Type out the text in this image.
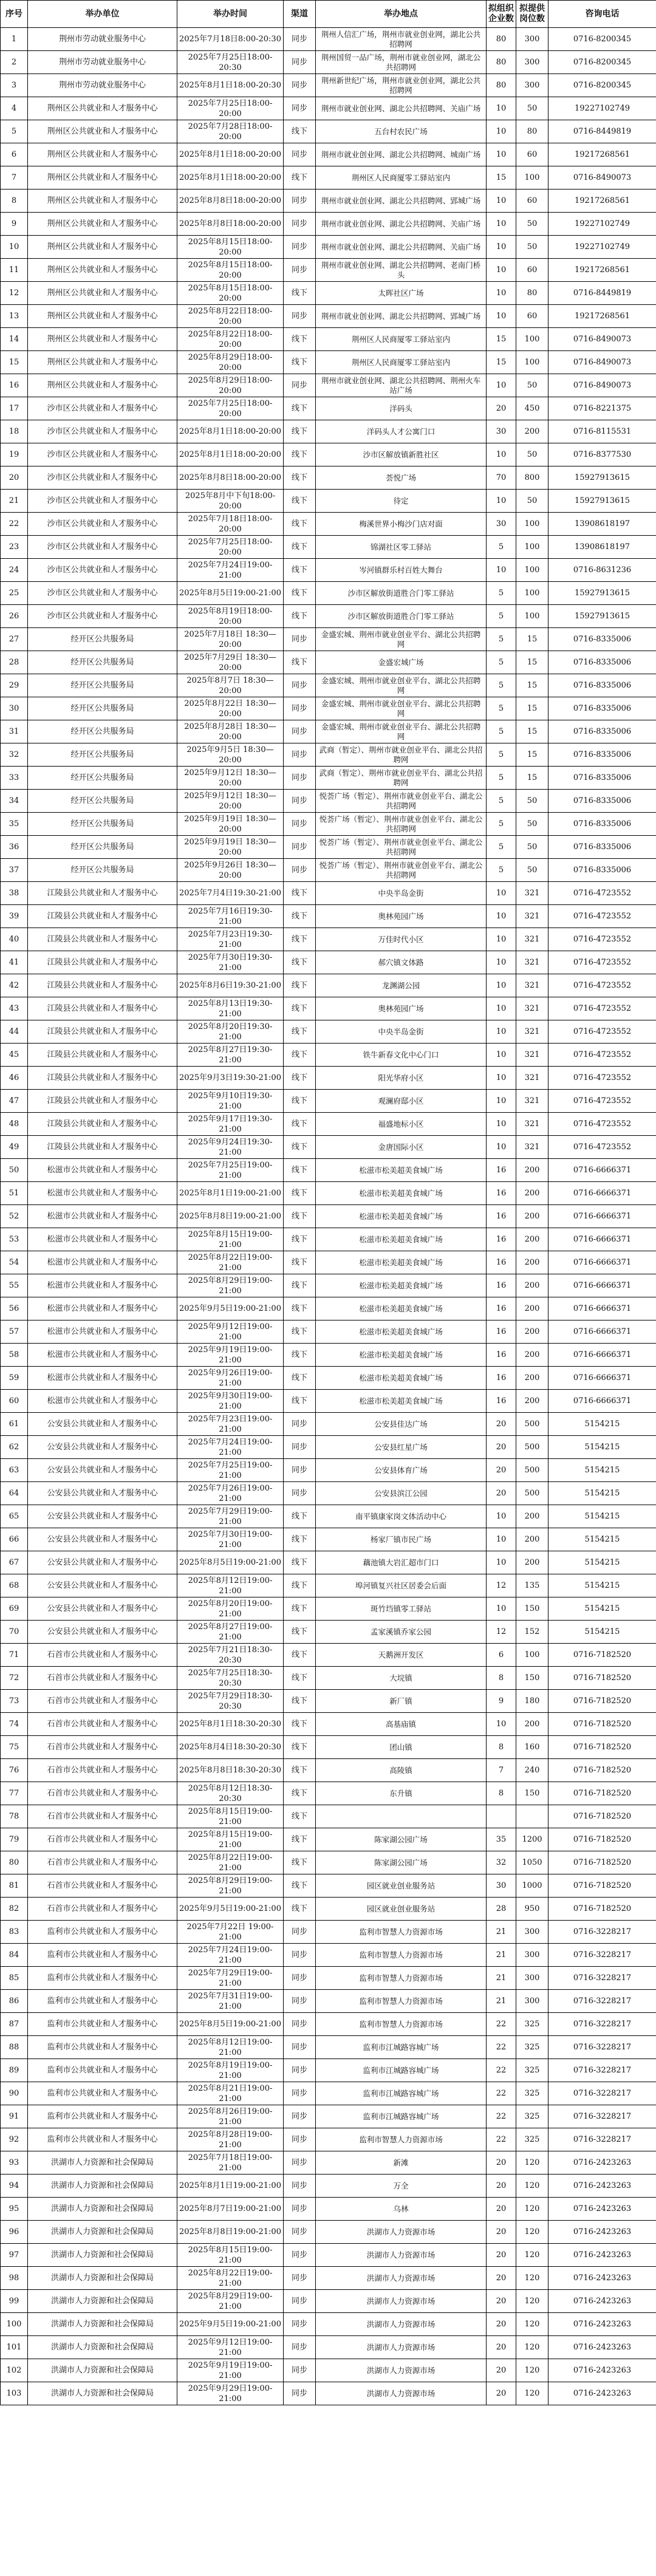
序号	举办单位	举办时间	渠道	举办地点	拟组织企业数	拟提供岗位数	咨询电话
1	荆州市劳动就业服务中心	2025年7月18日8:00-20:30	同步	荆州人信汇广场，荆州市就业创业网，湖北公共招聘网	80	300	0716-8200345
2	荆州市劳动就业服务中心	2025年7月25日18:00-20:30	同步	荆州国贸一品广场，荆州市就业创业网，湖北公共招聘网	80	300	0716-8200345
3	荆州市劳动就业服务中心	2025年8月1日18:00-20:30	同步	荆州新世纪广场，荆州市就业创业网，湖北公共招聘网	80	300	0716-8200345
4	荆州区公共就业和人才服务中心	2025年7月25日18:00-20:00	同步	荆州市就业创业网、湖北公共招聘网、关庙广场	10	50	19227102749
5	荆州区公共就业和人才服务中心	2025年7月28日18:00-20:00	线下	五台村农民广场	10	80	0716-8449819
6	荆州区公共就业和人才服务中心	2025年8月1日18:00-20:00	同步	荆州市就业创业网、湖北公共招聘网、城南广场	10	60	19217268561
7	荆州区公共就业和人才服务中心	2025年8月1日18:00-20:00	线下	荆州区人民商厦零工驿站室内	15	100	0716-8490073
8	荆州区公共就业和人才服务中心	2025年8月8日18:00-20:00	同步	荆州市就业创业网、湖北公共招聘网、郢城广场	10	60	19217268561
9	荆州区公共就业和人才服务中心	2025年8月8日18:00-20:00	同步	荆州市就业创业网、湖北公共招聘网、关庙广场	10	50	19227102749
10	荆州区公共就业和人才服务中心	2025年8月15日18:00-20:00	同步	荆州市就业创业网、湖北公共招聘网、关庙广场	10	50	19227102749
11	荆州区公共就业和人才服务中心	2025年8月15日18:00-20:00	同步	荆州市就业创业网、湖北公共招聘网、老南门桥头	10	60	19217268561
12	荆州区公共就业和人才服务中心	2025年8月15日18:00-20:00	线下	太晖社区广场	10	80	0716-8449819
13	荆州区公共就业和人才服务中心	2025年8月22日18:00-20:00	同步	荆州市就业创业网、湖北公共招聘网、郢城广场	10	60	19217268561
14	荆州区公共就业和人才服务中心	2025年8月22日18:00-20:00	线下	荆州区人民商厦零工驿站室内	15	100	0716-8490073
15	荆州区公共就业和人才服务中心	2025年8月29日18:00-20:00	线下	荆州区人民商厦零工驿站室内	15	100	0716-8490073
16	荆州区公共就业和人才服务中心	2025年8月29日18:00-20:00	同步	荆州市就业创业网、湖北公共招聘网、荆州火车站广场	10	50	0716-8490073
17	沙市区公共就业和人才服务中心	2025年7月25日18:00-20:00	线下	洋码头	20	450	0716-8221375
18	沙市区公共就业和人才服务中心	2025年8月1日18:00-20:00	线下	洋码头人才公寓门口	30	200	0716-8115531
19	沙市区公共就业和人才服务中心	2025年8月1日18:00-20:00	线下	沙市区解放镇新胜社区	10	50	0716-8377530
20	沙市区公共就业和人才服务中心	2025年8月8日18:00-20:00	线下	荟悦广场	70	800	15927913615
21	沙市区公共就业和人才服务中心	2025年8月中下旬18:00-20:00	线下	待定	10	50	15927913615
22	沙市区公共就业和人才服务中心	2025年7月18日18:00-20:00	线下	梅溪世界小梅沙门店对面	30	100	13908618197
23	沙市区公共就业和人才服务中心	2025年7月25日18:00-20:00	线下	锦湖社区零工驿站	5	100	13908618197
24	沙市区公共就业和人才服务中心	2025年7月24日19:00-21:00	线下	岑河镇群乐村百姓大舞台	10	100	0716-8631236
25	沙市区公共就业和人才服务中心	2025年8月5日19:00-21:00	线下	沙市区解放街道胜合门零工驿站	5	100	15927913615
26	沙市区公共就业和人才服务中心	2025年8月19日18:00-20:00	线下	沙市区解放街道胜合门零工驿站	5	100	15927913615
27	经开区公共服务局	2025年7月18日 18:30—20:00	同步	金盛宏城、荆州市就业创业平台、湖北公共招聘网	5	15	0716-8335006
28	经开区公共服务局	2025年7月29日 18:30—20:00	线下	金盛宏城广场	5	15	0716-8335006
29	经开区公共服务局	2025年8月7日 18:30—20:00	同步	金盛宏城、荆州市就业创业平台、湖北公共招聘网	5	15	0716-8335006
30	经开区公共服务局	2025年8月22日 18:30—20:00	同步	金盛宏城、荆州市就业创业平台、湖北公共招聘网	5	15	0716-8335006
31	经开区公共服务局	2025年8月28日 18:30—20:00	同步	金盛宏城、荆州市就业创业平台、湖北公共招聘网	5	15	0716-8335006
32	经开区公共服务局	2025年9月5日 18:30—20:00	同步	武商（暂定）、荆州市就业创业平台、湖北公共招聘网	5	15	0716-8335006
33	经开区公共服务局	2025年9月12日 18:30—20:00	同步	武商（暂定）、荆州市就业创业平台、湖北公共招聘网	5	15	0716-8335006
34	经开区公共服务局	2025年9月12日 18:30—20:00	同步	悦荟广场（暂定）、荆州市就业创业平台、湖北公共招聘网	5	50	0716-8335006
35	经开区公共服务局	2025年9月19日 18:30—20:00	同步	悦荟广场（暂定）、荆州市就业创业平台、湖北公共招聘网	5	50	0716-8335006
36	经开区公共服务局	2025年9月19日 18:30—20:00	同步	悦荟广场（暂定）、荆州市就业创业平台、湖北公共招聘网	5	50	0716-8335006
37	经开区公共服务局	2025年9月26日 18:30—20:00	同步	悦荟广场（暂定）、荆州市就业创业平台、湖北公共招聘网	5	50	0716-8335006
38	江陵县公共就业和人才服务中心	2025年7月4日19:30-21:00	线下	中央半岛金街	10	321	0716-4723552
39	江陵县公共就业和人才服务中心	2025年7月16日19:30-21:00	线下	奥林苑园广场	10	321	0716-4723552
40	江陵县公共就业和人才服务中心	2025年7月23日19:30-21:00	线下	万佳时代小区	10	321	0716-4723552
41	江陵县公共就业和人才服务中心	2025年7月30日19:30-21:00	线下	郝穴镇文体路	10	321	0716-4723552
42	江陵县公共就业和人才服务中心	2025年8月6日19:30-21:00	线下	龙渊湖公园	10	321	0716-4723552
43	江陵县公共就业和人才服务中心	2025年8月13日19:30-21:00	线下	奥林苑园广场	10	321	0716-4723552
44	江陵县公共就业和人才服务中心	2025年8月20日19:30-21:00	线下	中央半岛金街	10	321	0716-4723552
45	江陵县公共就业和人才服务中心	2025年8月27日19:30-21:00	线下	铁牛新春文化中心门口	10	321	0716-4723552
46	江陵县公共就业和人才服务中心	2025年9月3日19:30-21:00	线下	阳光华府小区	10	321	0716-4723552
47	江陵县公共就业和人才服务中心	2025年9月10日19:30-21:00	线下	观澜府邸小区	10	321	0716-4723552
48	江陵县公共就业和人才服务中心	2025年9月17日19:30-21:00	线下	福盛地标小区	10	321	0716-4723552
49	江陵县公共就业和人才服务中心	2025年9月24日19:30-21:00	线下	金唐国际小区	10	321	0716-4723552
50	松滋市公共就业和人才服务中心	2025年7月25日19:00-21:00	线下	松滋市松美超美食城广场	16	200	0716-6666371
51	松滋市公共就业和人才服务中心	2025年8月1日19:00-21:00	线下	松滋市松美超美食城广场	16	200	0716-6666371
52	松滋市公共就业和人才服务中心	2025年8月8日19:00-21:00	线下	松滋市松美超美食城广场	16	200	0716-6666371
53	松滋市公共就业和人才服务中心	2025年8月15日19:00-21:00	线下	松滋市松美超美食城广场	16	200	0716-6666371
54	松滋市公共就业和人才服务中心	2025年8月22日19:00-21:00	线下	松滋市松美超美食城广场	16	200	0716-6666371
55	松滋市公共就业和人才服务中心	2025年8月29日19:00-21:00	线下	松滋市松美超美食城广场	16	200	0716-6666371
56	松滋市公共就业和人才服务中心	2025年9月5日19:00-21:00	线下	松滋市松美超美食城广场	16	200	0716-6666371
57	松滋市公共就业和人才服务中心	2025年9月12日19:00-21:00	线下	松滋市松美超美食城广场	16	200	0716-6666371
58	松滋市公共就业和人才服务中心	2025年9月19日19:00-21:00	线下	松滋市松美超美食城广场	16	200	0716-6666371
59	松滋市公共就业和人才服务中心	2025年9月26日19:00-21:00	线下	松滋市松美超美食城广场	16	200	0716-6666371
60	松滋市公共就业和人才服务中心	2025年9月30日19:00-21:00	线下	松滋市松美超美食城广场	16	200	0716-6666371
61	公安县公共就业和人才服务中心	2025年7月23日19:00-21:00	同步	公安县佳达广场	20	500	5154215
62	公安县公共就业和人才服务中心	2025年7月24日19:00-21:00	同步	公安县红星广场	20	500	5154215
63	公安县公共就业和人才服务中心	2025年7月25日19:00-21:00	同步	公安县体育广场	20	500	5154215
64	公安县公共就业和人才服务中心	2025年7月26日19:00-21:00	同步	公安县滨江公园	20	500	5154215
65	公安县公共就业和人才服务中心	2025年7月29日19:00-21:00	线下	南平镇康家岗文体活动中心	10	200	5154215
66	公安县公共就业和人才服务中心	2025年7月30日19:00-21:00	线下	杨家厂镇市民广场	10	200	5154215
67	公安县公共就业和人才服务中心	2025年8月5日19:00-21:00	线下	藕池镇大岩汇超市门口	10	200	5154215
68	公安县公共就业和人才服务中心	2025年8月12日19:00-21:00	线下	埠河镇复兴社区居委会后面	12	135	5154215
69	公安县公共就业和人才服务中心	2025年8月20日19:00-21:00	线下	斑竹垱镇零工驿站	10	150	5154215
70	公安县公共就业和人才服务中心	2025年8月27日19:00-21:00	线下	孟家溪镇乔家公园	12	152	5154215
71	石首市公共就业和人才服务中心	2025年7月21日18:30-20:30	线下	天鹅洲开发区	6	100	0716-7182520
72	石首市公共就业和人才服务中心	2025年7月25日18:30-20:30	线下	大垸镇	8	150	0716-7182520
73	石首市公共就业和人才服务中心	2025年7月29日18:30-20:30	线下	新厂镇	9	180	0716-7182520
74	石首市公共就业和人才服务中心	2025年8月1日18:30-20:30	线下	高基庙镇	10	200	0716-7182520
75	石首市公共就业和人才服务中心	2025年8月4日18:30-20:30	线下	团山镇	8	160	0716-7182520
76	石首市公共就业和人才服务中心	2025年8月8日18:30-20:30	线下	高陵镇	7	240	0716-7182520
77	石首市公共就业和人才服务中心	2025年8月12日18:30-20:30	线下	东升镇	8	150	0716-7182520
78	石首市公共就业和人才服务中心	2025年8月15日19:00-21:00	线下				0716-7182520
79	石首市公共就业和人才服务中心	2025年8月15日19:00-21:00	线下	陈家湖公园广场	35	1200	0716-7182520
80	石首市公共就业和人才服务中心	2025年8月22日19:00-21:00	线下	陈家湖公园广场	32	1050	0716-7182520
81	石首市公共就业和人才服务中心	2025年8月29日19:00-21:00	线下	园区就业创业服务站	30	1000	0716-7182520
82	石首市公共就业和人才服务中心	2025年9月5日19:00-21:00	线下	园区就业创业服务站	28	950	0716-7182520
83	监利市公共就业和人才服务中心	2025年7月22日 19:00-21:00	同步	监利市智慧人力资源市场	21	300	0716-3228217
84	监利市公共就业和人才服务中心	2025年7月24日19:00-21:00	同步	监利市智慧人力资源市场	21	300	0716-3228217
85	监利市公共就业和人才服务中心	2025年7月29日19:00-21:00	同步	监利市智慧人力资源市场	21	300	0716-3228217
86	监利市公共就业和人才服务中心	2025年7月31日19:00-21:00	同步	监利市智慧人力资源市场	21	300	0716-3228217
87	监利市公共就业和人才服务中心	2025年8月5日19:00-21:00	同步	监利市智慧人力资源市场	22	325	0716-3228217
88	监利市公共就业和人才服务中心	2025年8月12日19:00-21:00	同步	监利市江城路容城广场	22	325	0716-3228217
89	监利市公共就业和人才服务中心	2025年8月19日19:00-21:00	同步	监利市江城路容城广场	22	325	0716-3228217
90	监利市公共就业和人才服务中心	2025年8月21日19:00-21:00	同步	监利市江城路容城广场	22	325	0716-3228217
91	监利市公共就业和人才服务中心	2025年8月26日19:00-21:00	同步	监利市江城路容城广场	22	325	0716-3228217
92	监利市公共就业和人才服务中心	2025年8月28日19:00-21:00	同步	监利市智慧人力资源市场	22	325	0716-3228217
93	洪湖市人力资源和社会保障局	2025年7月18日19:00-21:00	同步	新滩	20	120	0716-2423263
94	洪湖市人力资源和社会保障局	2025年8月1日19:00-21:00	同步	万全	20	120	0716-2423263
95	洪湖市人力资源和社会保障局	2025年8月7日19:00-21:00	同步	乌林	20	120	0716-2423263
96	洪湖市人力资源和社会保障局	2025年8月8日19:00-21:00	同步	洪湖市人力资源市场	20	120	0716-2423263
97	洪湖市人力资源和社会保障局	2025年8月15日19:00-21:00	同步	洪湖市人力资源市场	20	120	0716-2423263
98	洪湖市人力资源和社会保障局	2025年8月22日19:00-21:00	同步	洪湖市人力资源市场	20	120	0716-2423263
99	洪湖市人力资源和社会保障局	2025年8月29日19:00-21:00	同步	洪湖市人力资源市场	20	120	0716-2423263
100	洪湖市人力资源和社会保障局	2025年9月5日19:00-21:00	同步	洪湖市人力资源市场	20	120	0716-2423263
101	洪湖市人力资源和社会保障局	2025年9月12日19:00-21:00	同步	洪湖市人力资源市场	20	120	0716-2423263
102	洪湖市人力资源和社会保障局	2025年9月19日19:00-21:00	同步	洪湖市人力资源市场	20	120	0716-2423263
103	洪湖市人力资源和社会保障局	2025年9月29日19:00-21:00	同步	洪湖市人力资源市场	20	120	0716-2423263
